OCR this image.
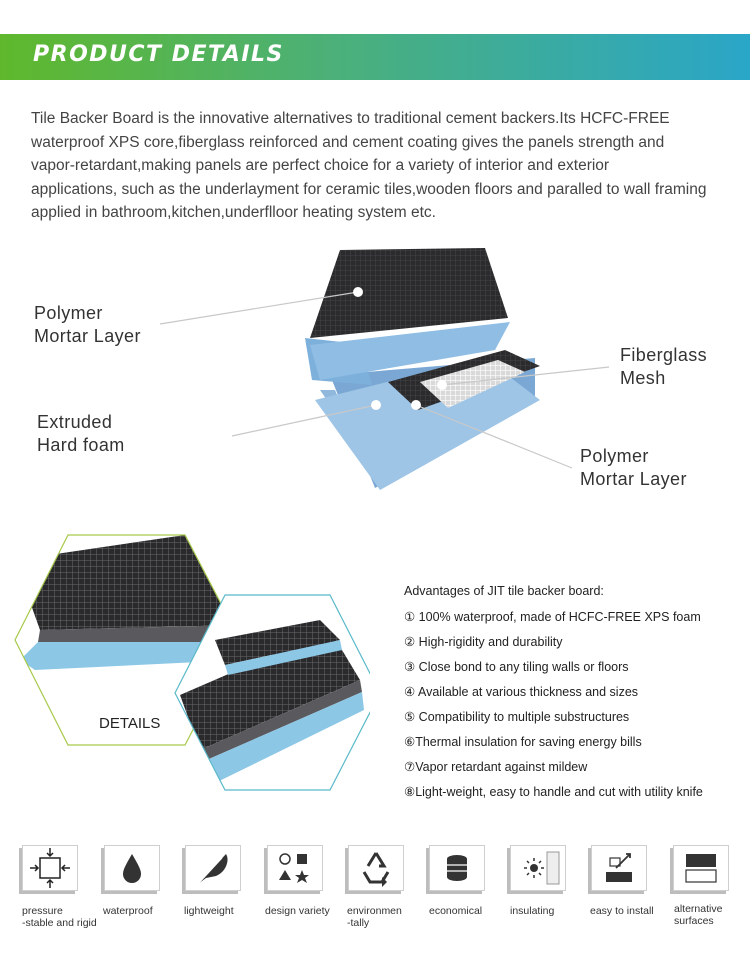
PRODUCT DETAILS

Tile Backer Board is the innovative alternatives to traditional cement backers.Its HCFC-FREE
waterproof XPS core,fiberglass reinforced and cement coating gives the panels strength and
vapor-retardant,making panels are perfect choice for a variety of interior and exterior
applications, such as the underlayment for ceramic tiles,wooden floors and paralled to wall framing
applied in bathroom,kitchen,underflloor heating system etc.

Polymer
Mortar Layer
Extruded
Hard foam
Fiberglass
Mesh
Polymer
Mortar Layer
DETAILS
Advantages of JIT tile backer board:
① 100% waterproof, made of HCFC-FREE XPS foam
② High-rigidity and durability
③ Close bond to any tiling walls or floors
④ Available at various thickness and sizes
⑤ Compatibility to multiple substructures
⑥Thermal insulation for saving energy bills
⑦Vapor retardant against mildew
⑧Light-weight, easy to handle and cut with utility knife
pressure
-stable and rigid
waterproof	lightweight	design variety environmen
-tally
economical	insulating	easy to install alternative
surfaces
